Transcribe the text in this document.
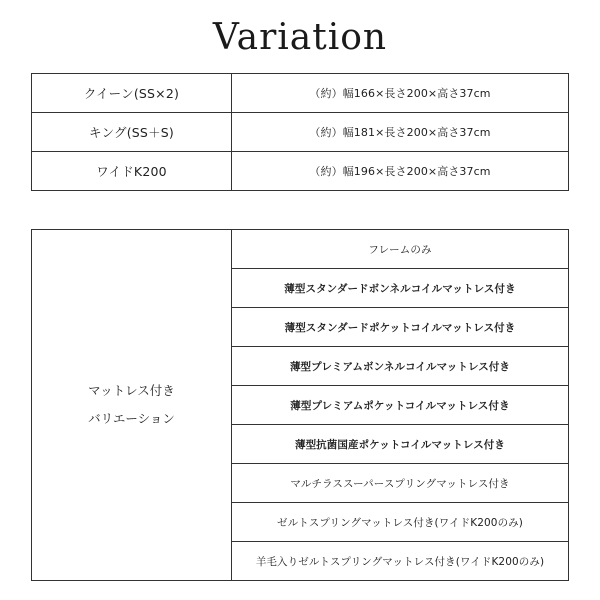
Variation
クイーン(SS×2)	（約）幅166×長さ200×高さ37cm
キング(SS＋S)	（約）幅181×長さ200×高さ37cm
ワイドK200	（約）幅196×長さ200×高さ37cm
マットレス付き
バリエーション
	フレームのみ
薄型スタンダードボンネルコイルマットレス付き
薄型スタンダードポケットコイルマットレス付き
薄型プレミアムボンネルコイルマットレス付き
薄型プレミアムポケットコイルマットレス付き
薄型抗菌国産ポケットコイルマットレス付き
マルチラススーパースプリングマットレス付き
ゼルトスプリングマットレス付き(ワイドK200のみ)
羊毛入りゼルトスプリングマットレス付き(ワイドK200のみ)
